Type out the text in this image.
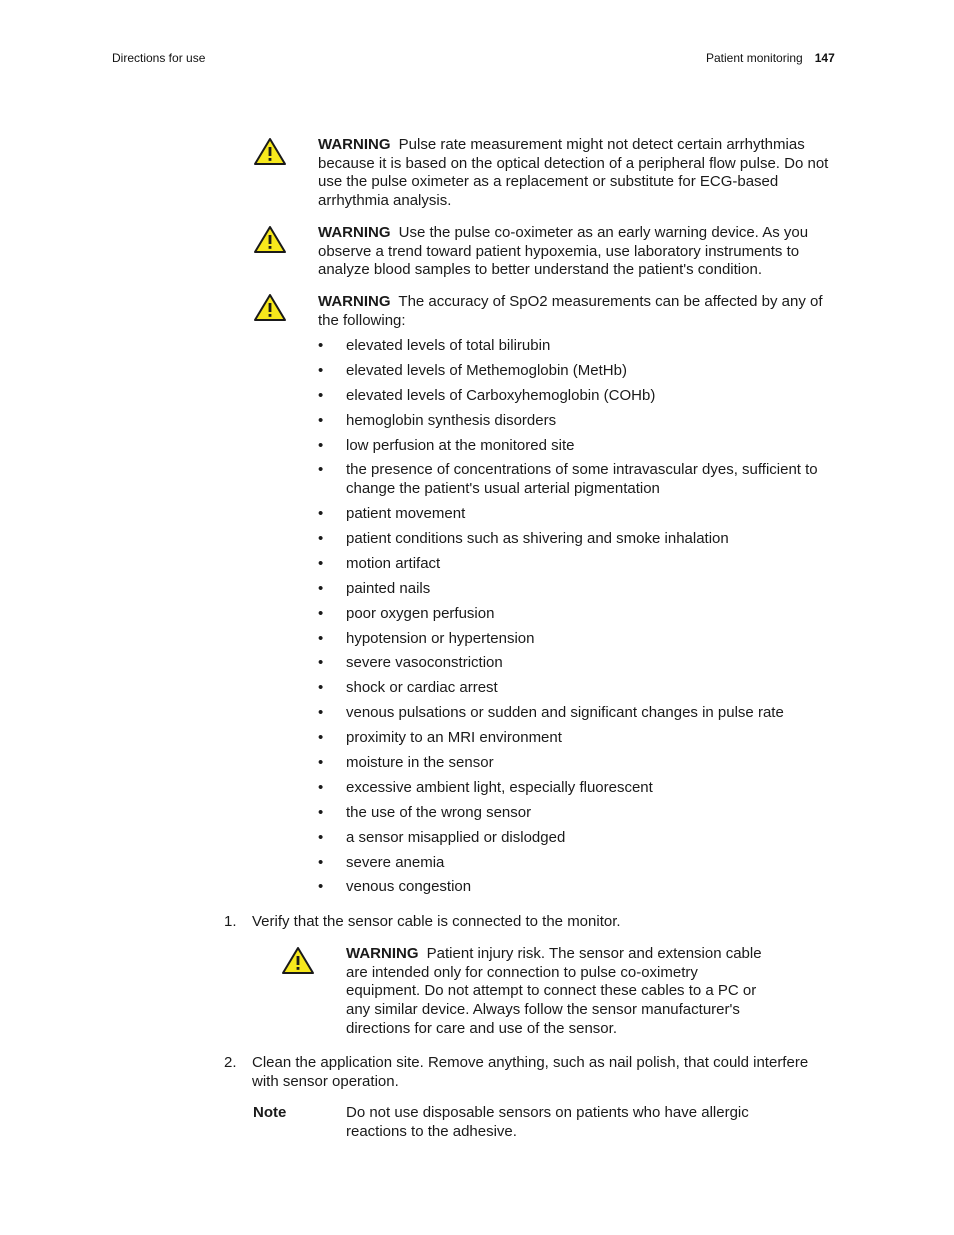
Directions for use	Patient monitoring 147
WARNING Pulse rate measurement might not detect certain arrhythmias because it is based on the optical detection of a peripheral flow pulse. Do not use the pulse oximeter as a replacement or substitute for ECG-based arrhythmia analysis.
WARNING Use the pulse co-oximeter as an early warning device. As you observe a trend toward patient hypoxemia, use laboratory instruments to analyze blood samples to better understand the patient's condition.
WARNING The accuracy of SpO2 measurements can be affected by any of the following:
• elevated levels of total bilirubin
• elevated levels of Methemoglobin (MetHb)
• elevated levels of Carboxyhemoglobin (COHb)
• hemoglobin synthesis disorders
• low perfusion at the monitored site
• the presence of concentrations of some intravascular dyes, sufficient to change the patient's usual arterial pigmentation
• patient movement
• patient conditions such as shivering and smoke inhalation
• motion artifact
• painted nails
• poor oxygen perfusion
• hypotension or hypertension
• severe vasoconstriction
• shock or cardiac arrest
• venous pulsations or sudden and significant changes in pulse rate
• proximity to an MRI environment
• moisture in the sensor
• excessive ambient light, especially fluorescent
• the use of the wrong sensor
• a sensor misapplied or dislodged
• severe anemia
• venous congestion
1. Verify that the sensor cable is connected to the monitor.
WARNING Patient injury risk. The sensor and extension cable are intended only for connection to pulse co-oximetry equipment. Do not attempt to connect these cables to a PC or any similar device. Always follow the sensor manufacturer's directions for care and use of the sensor.
2. Clean the application site. Remove anything, such as nail polish, that could interfere with sensor operation.
Note	Do not use disposable sensors on patients who have allergic reactions to the adhesive.
